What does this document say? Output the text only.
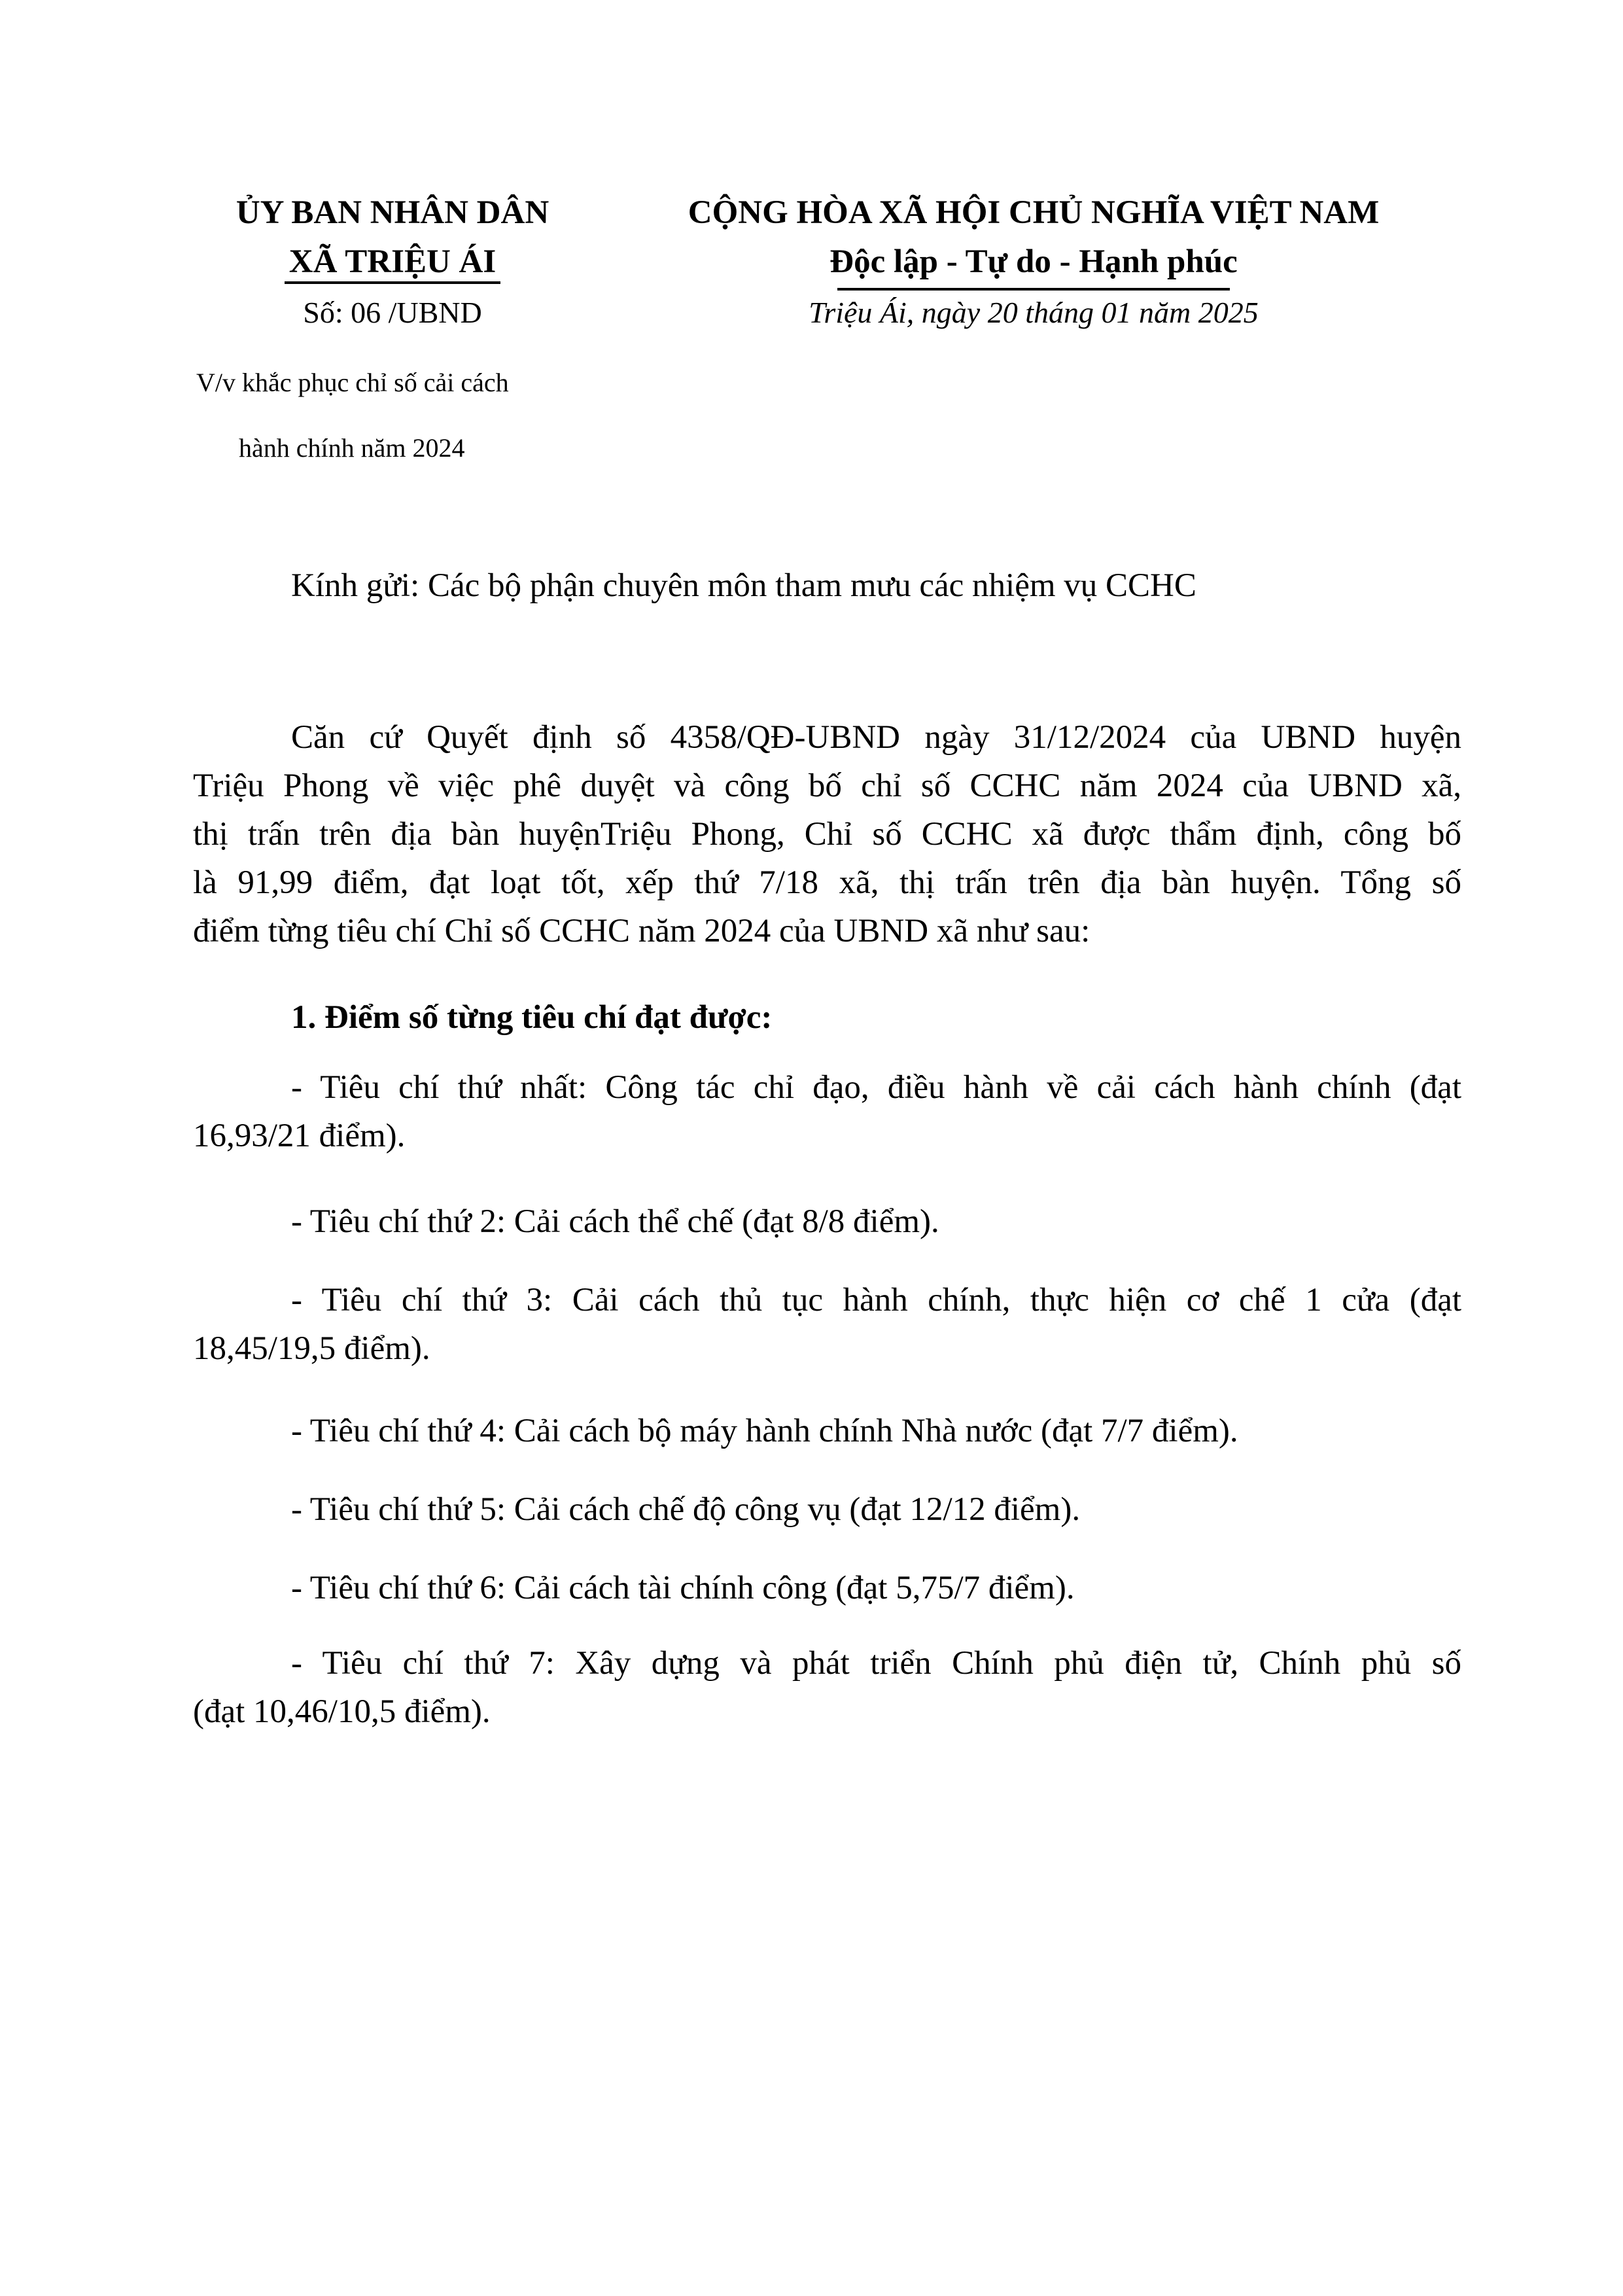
ỦY BAN NHÂN DÂN
XÃ TRIỆU ÁI
Số: 06 /UBND
CỘNG HÒA XÃ HỘI CHỦ NGHĨA VIỆT NAM
Độc lập - Tự do - Hạnh phúc
Triệu Ái, ngày 20 tháng 01 năm 2025
V/v khắc phục chỉ số cải cách
hành chính năm 2024
Kính gửi: Các bộ phận chuyên môn tham mưu các nhiệm vụ CCHC
Căn cứ Quyết định số 4358/QĐ-UBND ngày 31/12/2024 của UBND huyện
Triệu Phong về việc phê duyệt và công bố chỉ số CCHC năm 2024 của UBND xã,
thị trấn trên địa bàn huyệnTriệu Phong, Chỉ số CCHC xã được thẩm định, công bố
là 91,99 điểm, đạt loạt tốt, xếp thứ 7/18 xã, thị trấn trên địa bàn huyện. Tổng số
điểm từng tiêu chí Chỉ số CCHC năm 2024 của UBND xã như sau:
1. Điểm số từng tiêu chí đạt được:
- Tiêu chí thứ nhất: Công tác chỉ đạo, điều hành về cải cách hành chính (đạt
16,93/21 điểm).
- Tiêu chí thứ 2: Cải cách thể chế (đạt 8/8 điểm).
- Tiêu chí thứ 3: Cải cách thủ tục hành chính, thực hiện cơ chế 1 cửa (đạt
18,45/19,5 điểm).
- Tiêu chí thứ 4: Cải cách bộ máy hành chính Nhà nước (đạt 7/7 điểm).
- Tiêu chí thứ 5: Cải cách chế độ công vụ (đạt 12/12 điểm).
- Tiêu chí thứ 6: Cải cách tài chính công (đạt 5,75/7 điểm).
- Tiêu chí thứ 7: Xây dựng và phát triển Chính phủ điện tử, Chính phủ số
(đạt 10,46/10,5 điểm).
